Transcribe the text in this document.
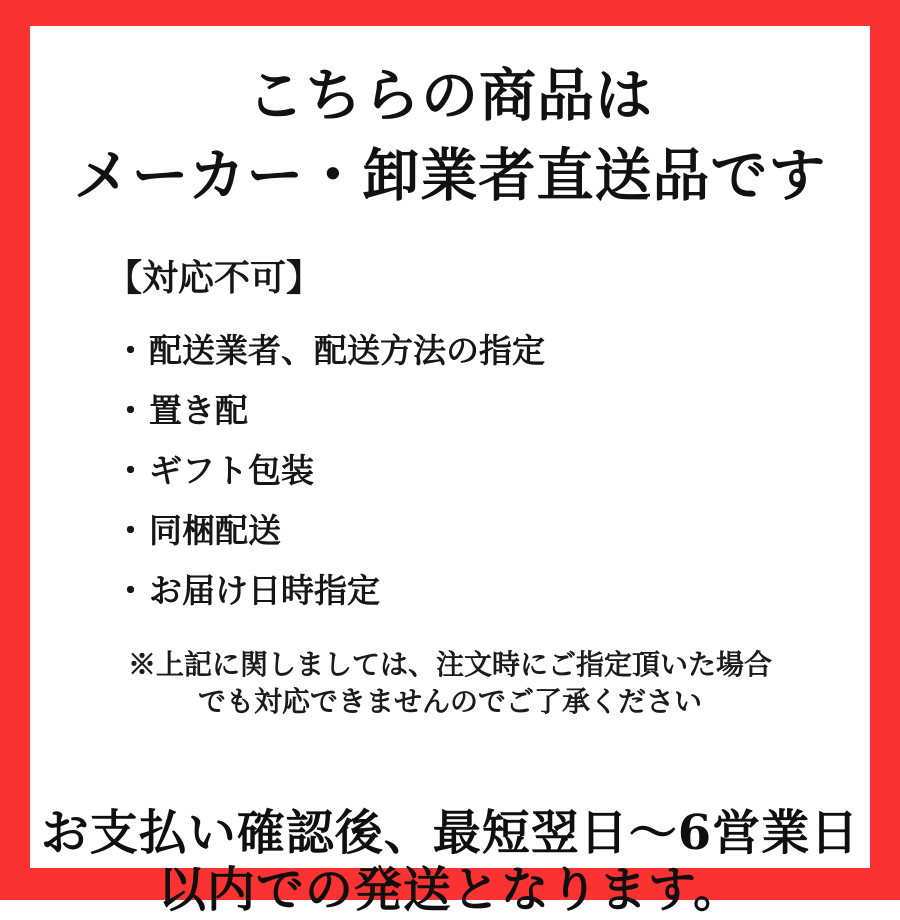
こちらの商品は
メーカー・卸業者直送品です
【対応不可】
・配送業者、配送方法の指定
・置き配
・ギフト包装
・同梱配送
・お届け日時指定

※上記に関しましては、注文時にご指定頂いた場合
でも対応できませんのでご了承ください

お支払い確認後、最短翌日〜6営業日
以内での発送となります。
